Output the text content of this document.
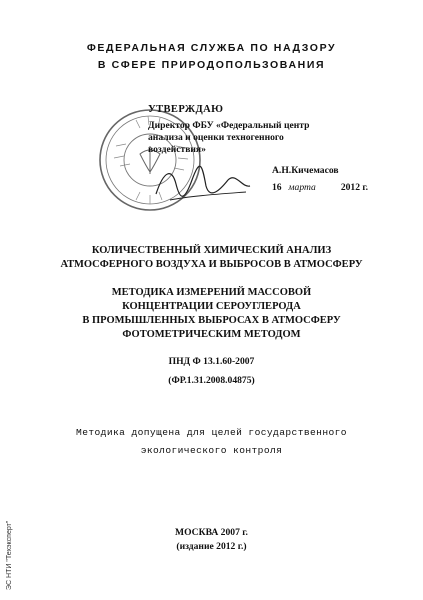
ФЕДЕРАЛЬНАЯ СЛУЖБА ПО НАДЗОРУ
В СФЕРЕ ПРИРОДОПОЛЬЗОВАНИЯ
УТВЕРЖДАЮ
Директор ФБУ «Федеральный центр
анализа и оценки техногенного
воздействия»
А.Н.Кичемасов
16 марта	2012 г.
КОЛИЧЕСТВЕННЫЙ ХИМИЧЕСКИЙ АНАЛИЗ
АТМОСФЕРНОГО ВОЗДУХА И ВЫБРОСОВ В АТМОСФЕРУ
МЕТОДИКА ИЗМЕРЕНИЙ МАССОВОЙ
КОНЦЕНТРАЦИИ СЕРОУГЛЕРОДА
В ПРОМЫШЛЕННЫХ ВЫБРОСАХ В АТМОСФЕРУ
ФОТОМЕТРИЧЕСКИМ МЕТОДОМ
ПНД Ф 13.1.60-2007
(ФР.1.31.2008.04875)
Методика допущена для целей государственного
экологического контроля
МОСКВА 2007 г.
(издание 2012 г.)
ЭС НТИ "Техэксперт"
